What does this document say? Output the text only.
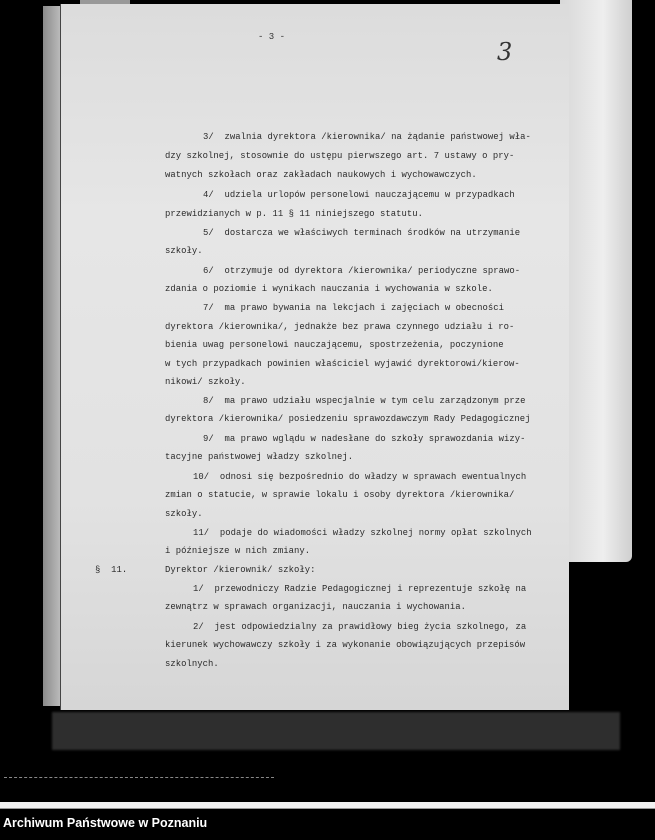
- 3 -
3
3/  zwalnia dyrektora /kierownika/ na żądanie państwowej wła-
dzy szkolnej, stosownie do ustępu pierwszego art. 7 ustawy o pry-
watnych szkołach oraz zakładach naukowych i wychowawczych.
4/  udziela urlopów personelowi nauczającemu w przypadkach
przewidzianych w p. 11 § 11 niniejszego statutu.
5/  dostarcza we właściwych terminach środków na utrzymanie
szkoły.
6/  otrzymuje od dyrektora /kierownika/ periodyczne sprawo-
zdania o poziomie i wynikach nauczania i wychowania w szkole.
7/  ma prawo bywania na lekcjach i zajęciach w obecności
dyrektora /kierownika/, jednakże bez prawa czynnego udziału i ro-
bienia uwag personelowi nauczającemu, spostrzeżenia, poczynione
w tych przypadkach powinien właściciel wyjawić dyrektorowi/kierow-
nikowi/ szkoły.
8/  ma prawo udziału wspecjalnie w tym celu zarządzonym prze
dyrektora /kierownika/ posiedzeniu sprawozdawczym Rady Pedagogicznej
9/  ma prawo wglądu w nadesłane do szkoły sprawozdania wizy-
tacyjne państwowej władzy szkolnej.
10/  odnosi się bezpośrednio do władzy w sprawach ewentualnych
zmian o statucie, w sprawie lokalu i osoby dyrektora /kierownika/
szkoły.
11/  podaje do wiadomości władzy szkolnej normy opłat szkolnych
i późniejsze w nich zmiany.
§  11.	Dyrektor /kierownik/ szkoły:
1/  przewodniczy Radzie Pedagogicznej i reprezentuje szkołę na
zewnątrz w sprawach organizacji, nauczania i wychowania.
2/  jest odpowiedzialny za prawidłowy bieg życia szkolnego, za
kierunek wychowawczy szkoły i za wykonanie obowiązujących przepisów
szkolnych.
Archiwum Państwowe w Poznaniu
